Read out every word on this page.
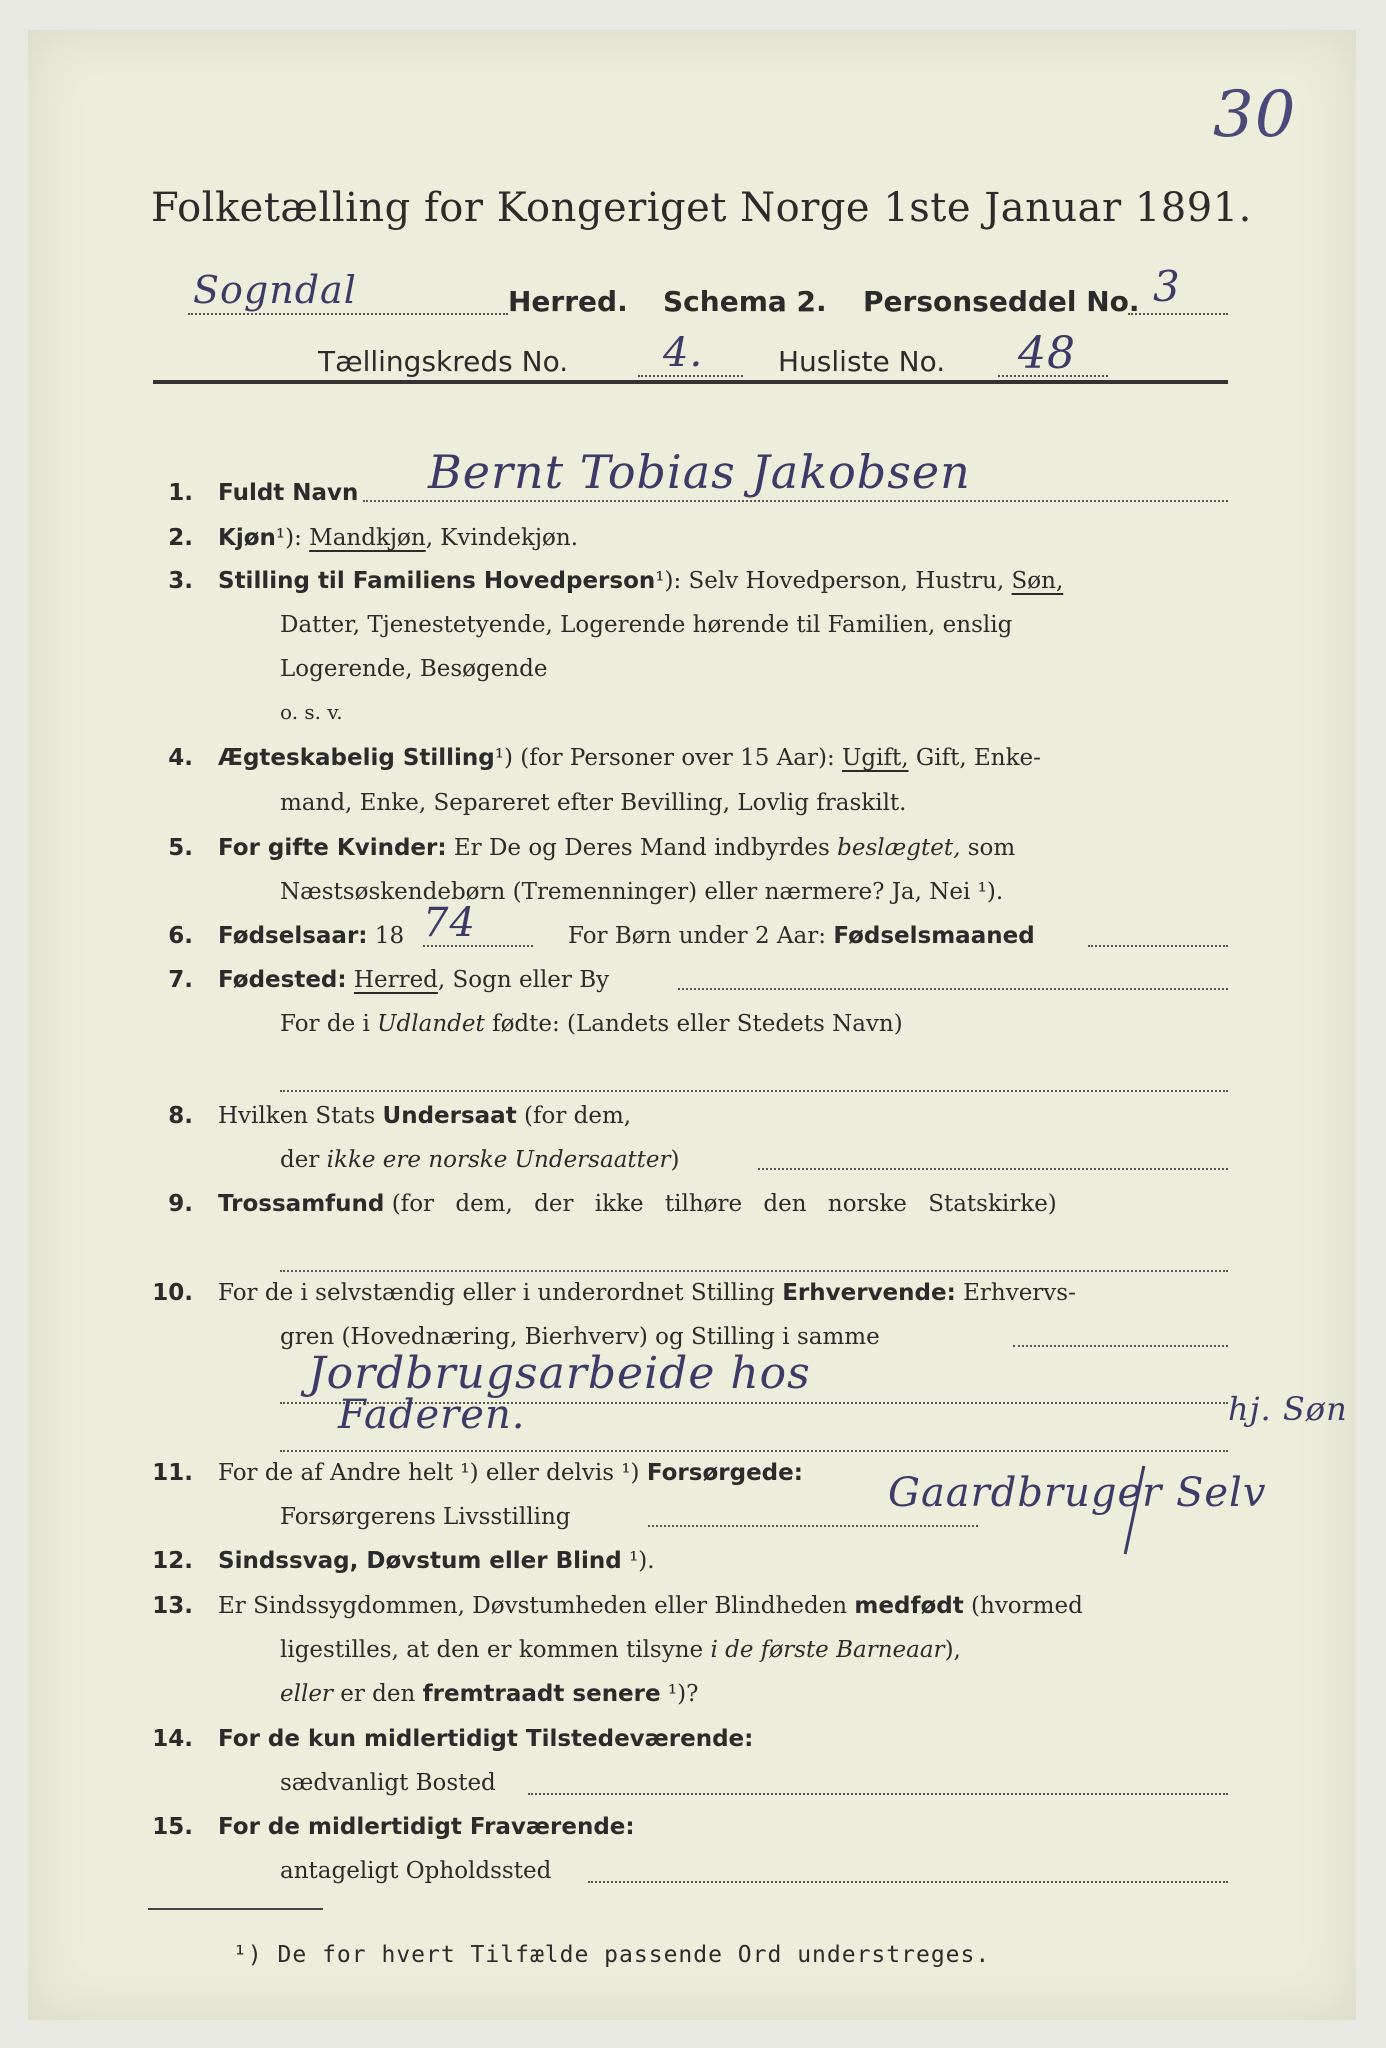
30
Folketælling for Kongeriget Norge 1ste Januar 1891.
Sogndal	Herred. Schema 2. Personseddel No. 3
Tællingskreds No. 4.	Husliste No. 48
1. Fuldt Navn Bernt Tobias Jakobsen
2. Kjøn¹): Mandkjøn, Kvindekjøn.
3. Stilling til Familiens Hovedperson¹): Selv Hovedperson, Hustru, Søn,
Datter, Tjenestetyende, Logerende hørende til Familien, enslig
Logerende, Besøgende
o. s. v.
4. Ægteskabelig Stilling¹) (for Personer over 15 Aar): Ugift, Gift, Enke-
mand, Enke, Separeret efter Bevilling, Lovlig fraskilt.
5. For gifte Kvinder: Er De og Deres Mand indbyrdes beslægtet, som
Næstsøskendebørn (Tremenninger) eller nærmere? Ja, Nei ¹).
6. Fødselsaar: 18 74	For Børn under 2 Aar: Fødselsmaaned
7. Fødested: Herred, Sogn eller By
For de i Udlandet fødte: (Landets eller Stedets Navn)
8. Hvilken Stats Undersaat (for dem,
der ikke ere norske Undersaatter)
9. Trossamfund (for dem, der ikke tilhøre den norske Statskirke)
10. For de i selvstændig eller i underordnet Stilling Erhvervende: Erhvervs-
gren (Hovednæring, Bierhverv) og Stilling i samme
Jordbrugsarbeide hos
Faderen.	hj. Søn
11. For de af Andre helt ¹) eller delvis ¹) Forsørgede:
Forsørgerens Livsstilling
Gaardbruger Selv
12. Sindssvag, Døvstum eller Blind ¹).
13. Er Sindssygdommen, Døvstumheden eller Blindheden medfødt (hvormed
ligestilles, at den er kommen tilsyne i de første Barneaar),
eller er den fremtraadt senere ¹)?
14. For de kun midlertidigt Tilstedeværende:
sædvanligt Bosted
15. For de midlertidigt Fraværende:
antageligt Opholdssted
¹) De for hvert Tilfælde passende Ord understreges.
